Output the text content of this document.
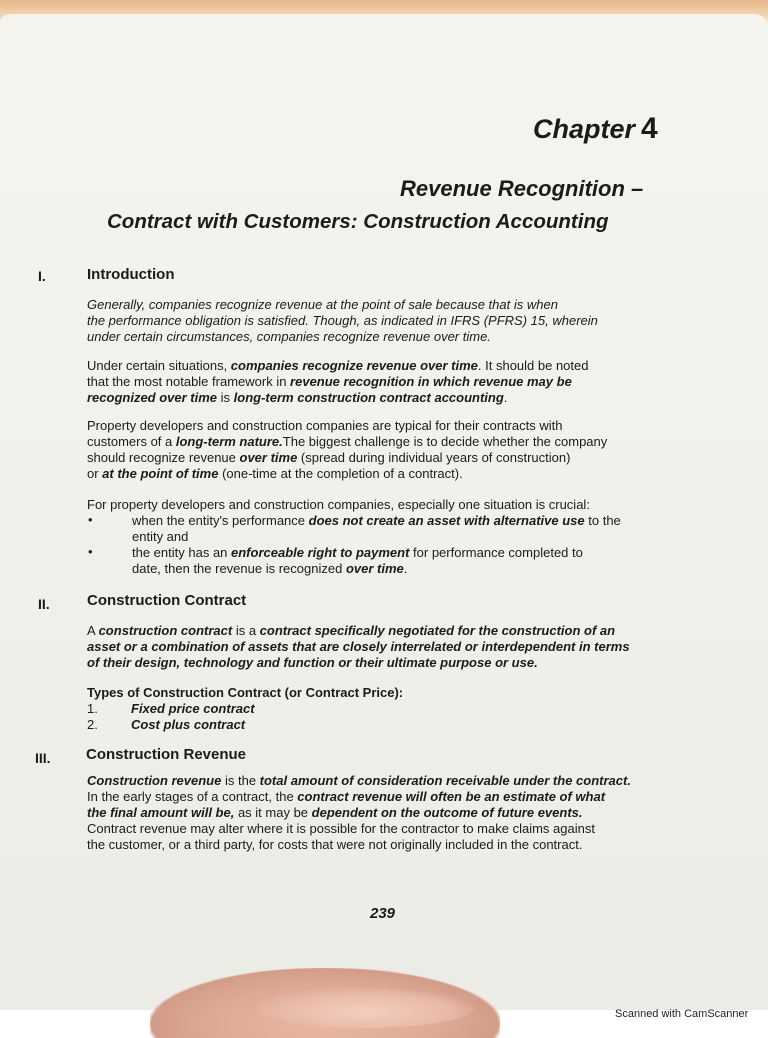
Chapter 4
Revenue Recognition –
Contract with Customers: Construction Accounting
I.	Introduction

Generally, companies recognize revenue at the point of sale because that is when

the performance obligation is satisfied. Though, as indicated in IFRS (PFRS) 15, wherein

under certain circumstances, companies recognize revenue over time.

Under certain situations, companies recognize revenue over time. It should be noted

that the most notable framework in revenue recognition in which revenue may be

recognized over time is long-term construction contract accounting.

Property developers and construction companies are typical for their contracts with

customers of a long-term nature.The biggest challenge is to decide whether the company

should recognize revenue over time (spread during individual years of construction)

or at the point of time (one-time at the completion of a contract).

For property developers and construction companies, especially one situation is crucial:

•	when the entity's performance does not create an asset with alternative use to the

entity and

•	the entity has an enforceable right to payment for performance completed to

date, then the revenue is recognized over time.

II. Construction Contract

A construction contract is a contract specifically negotiated for the construction of an

asset or a combination of assets that are closely interrelated or interdependent in terms

of their design, technology and function or their ultimate purpose or use.

Types of Construction Contract (or Contract Price):

1.	Fixed price contract

2.	Cost plus contract

III. Construction Revenue

Construction revenue is the total amount of consideration receivable under the contract.

In the early stages of a contract, the contract revenue will often be an estimate of what

the final amount will be, as it may be dependent on the outcome of future events.

Contract revenue may alter where it is possible for the contractor to make claims against

the customer, or a third party, for costs that were not originally included in the contract.

239
Scanned with CamScanner
